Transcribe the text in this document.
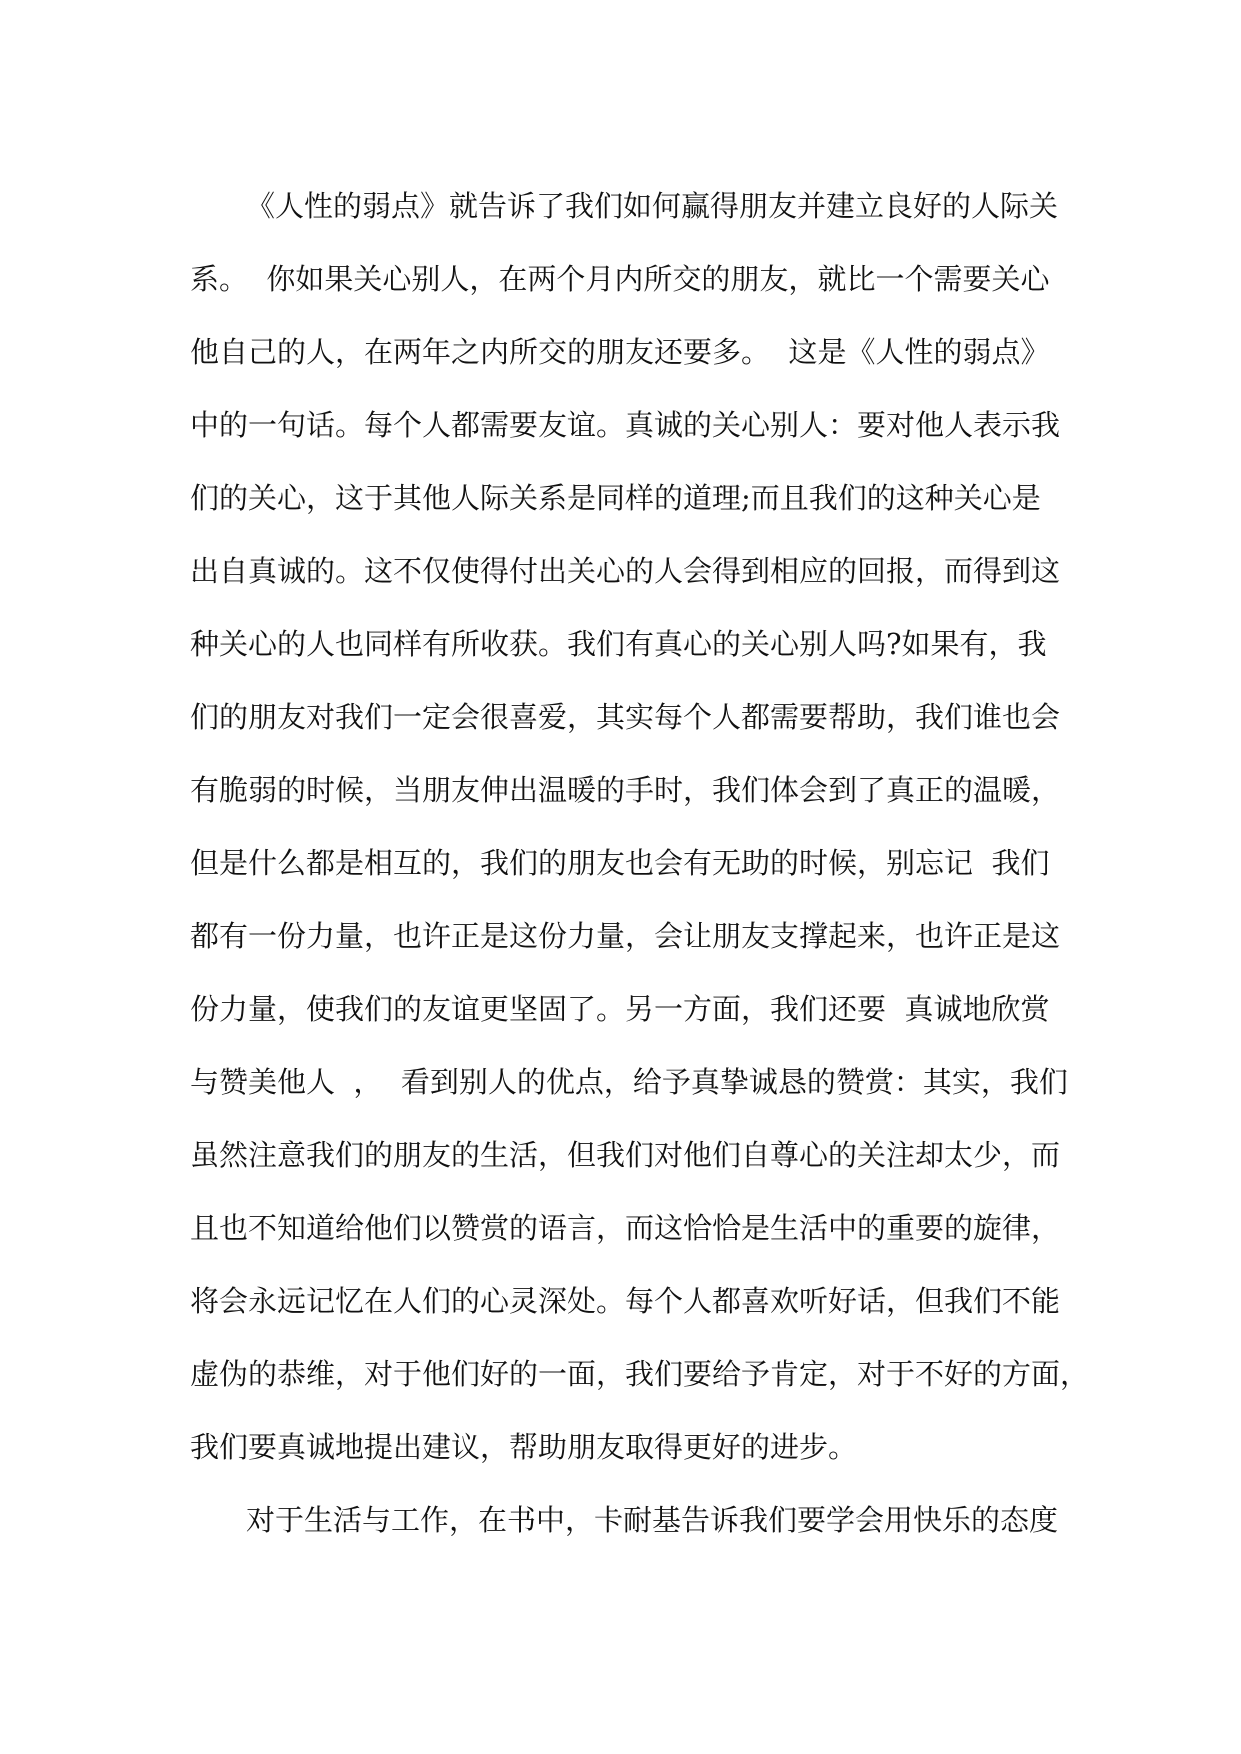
《人性的弱点》就告诉了我们如何赢得朋友并建立良好的人际关
系。  你如果关心别人，在两个月内所交的朋友，就比一个需要关心
他自己的人，在两年之内所交的朋友还要多。  这是《人性的弱点》
中的一句话。每个人都需要友谊。真诚的关心别人：要对他人表示我
们的关心，这于其他人际关系是同样的道理;而且我们的这种关心是
出自真诚的。这不仅使得付出关心的人会得到相应的回报，而得到这
种关心的人也同样有所收获。我们有真心的关心别人吗?如果有，我
们的朋友对我们一定会很喜爱，其实每个人都需要帮助，我们谁也会
有脆弱的时候，当朋友伸出温暖的手时，我们体会到了真正的温暖，
但是什么都是相互的，我们的朋友也会有无助的时候，别忘记  我们
都有一份力量，也许正是这份力量，会让朋友支撑起来，也许正是这
份力量，使我们的友谊更坚固了。另一方面，我们还要  真诚地欣赏
与赞美他人  ，  看到别人的优点，给予真挚诚恳的赞赏：其实，我们
虽然注意我们的朋友的生活，但我们对他们自尊心的关注却太少，而
且也不知道给他们以赞赏的语言，而这恰恰是生活中的重要的旋律，
将会永远记忆在人们的心灵深处。每个人都喜欢听好话，但我们不能
虚伪的恭维，对于他们好的一面，我们要给予肯定，对于不好的方面，
我们要真诚地提出建议，帮助朋友取得更好的进步。
对于生活与工作，在书中，卡耐基告诉我们要学会用快乐的态度
